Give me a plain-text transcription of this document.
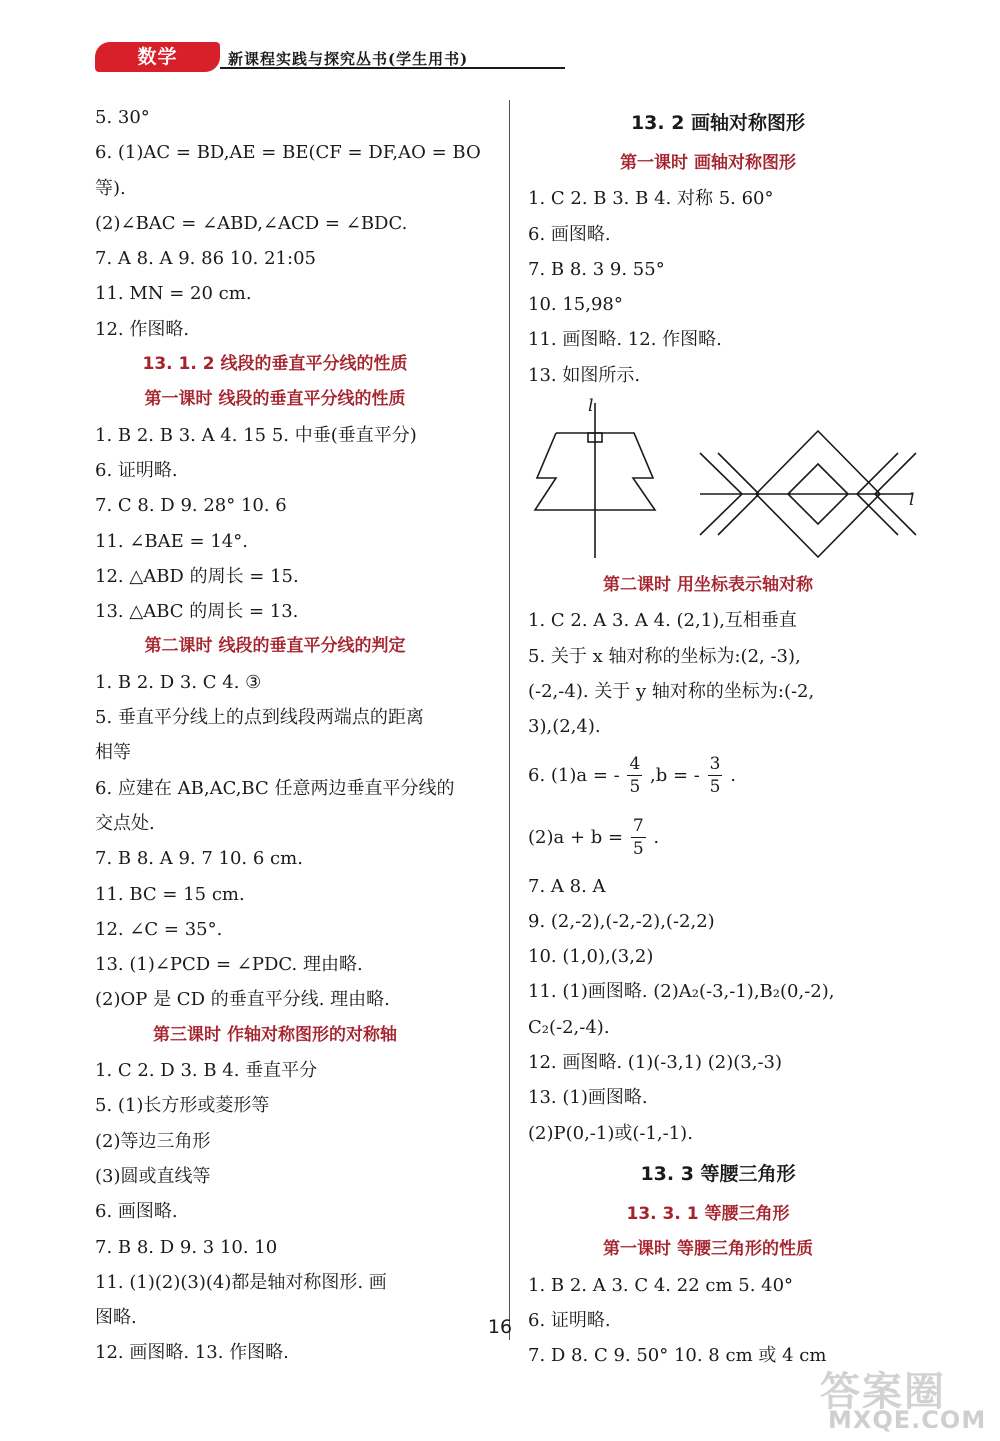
数学	新课程实践与探究丛书(学生用书)
5. 30°
6. (1)AC = BD,AE = BE(CF = DF,AO = BO
等).
(2)∠BAC = ∠ABD,∠ACD = ∠BDC.
7. A 8. A 9. 86 10. 21:05
11. MN = 20 cm.
12. 作图略.
13. 1. 2 线段的垂直平分线的性质
第一课时 线段的垂直平分线的性质
1. B 2. B 3. A 4. 15 5. 中垂(垂直平分)
6. 证明略.
7. C 8. D 9. 28° 10. 6
11. ∠BAE = 14°.
12. △ABD 的周长 = 15.
13. △ABC 的周长 = 13.
第二课时 线段的垂直平分线的判定
1. B 2. D 3. C 4. ③
5. 垂直平分线上的点到线段两端点的距离
相等
6. 应建在 AB,AC,BC 任意两边垂直平分线的
交点处.
7. B 8. A 9. 7 10. 6 cm.
11. BC = 15 cm.
12. ∠C = 35°.
13. (1)∠PCD = ∠PDC. 理由略.
(2)OP 是 CD 的垂直平分线. 理由略.
第三课时 作轴对称图形的对称轴
1. C 2. D 3. B 4. 垂直平分
5. (1)长方形或菱形等
(2)等边三角形
(3)圆或直线等
6. 画图略.
7. B 8. D 9. 3 10. 10
11. (1)(2)(3)(4)都是轴对称图形. 画
图略.
12. 画图略. 13. 作图略.
13. 2 画轴对称图形
第一课时 画轴对称图形
1. C 2. B 3. B 4. 对称 5. 60°
6. 画图略.
7. B 8. 3 9. 55°
10. 15,98°
11. 画图略. 12. 作图略.
13. 如图所示.
l
l
第二课时 用坐标表示轴对称
1. C 2. A 3. A 4. (2,1),互相垂直
5. 关于 x 轴对称的坐标为:(2, -3),
(-2,-4). 关于 y 轴对称的坐标为:(-2,
3),(2,4).
6. (1)a = - $\frac{4}{5} ,b$ = - $\frac{3}{5}$ .
$(2)a + b = \frac{7}{5}$ .
7. A 8. A
9. (2,-2),(-2,-2),(-2,2)
10. (1,0),(3,2)
11. (1)画图略. (2)A₂(-3,-1),B₂(0,-2),
C₂(-2,-4).
12. 画图略. (1)(-3,1) (2)(3,-3)
13. (1)画图略.
(2)P(0,-1)或(-1,-1).
13. 3 等腰三角形
13. 3. 1 等腰三角形
第一课时 等腰三角形的性质
1. B 2. A 3. C 4. 22 cm 5. 40°
6. 证明略.
7. D 8. C 9. 50° 10. 8 cm 或 4 cm
16
答案圈
MXQE.COM
